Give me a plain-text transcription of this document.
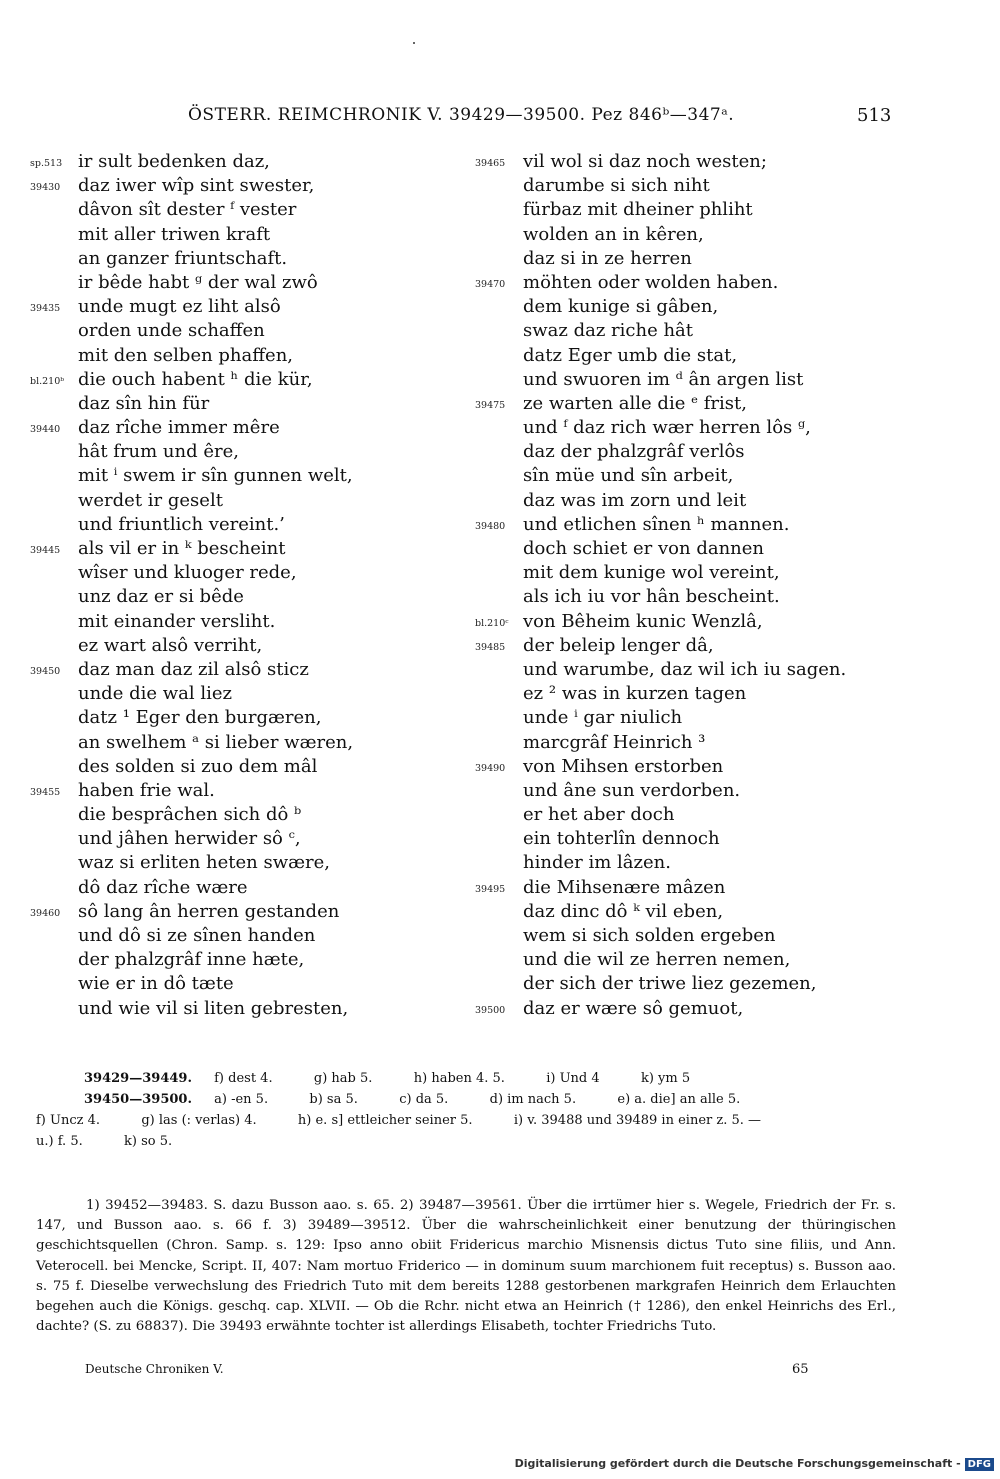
ÖSTERR. REIMCHRONIK V. 39429—39500. Pez 846ᵇ—347ᵃ.	513
sp.513 ir sult bedenken daz,
39430 daz iwer wîp sint swester,
dâvon sît dester ᶠ vester
mit aller triwen kraft
an ganzer friuntschaft.
ir bêde habt ᵍ der wal zwô
39435 unde mugt ez liht alsô
orden unde schaffen
mit den selben phaffen,
bl.210ᵇ die ouch habent ʰ die kür,
daz sîn hin für
39440 daz rîche immer mêre
hât frum und êre,
mit ⁱ swem ir sîn gunnen welt,
werdet ir geselt
und friuntlich vereint.’
39445 als vil er in ᵏ bescheint
wîser und kluoger rede,
unz daz er si bêde
mit einander versliht.
ez wart alsô verriht,
39450 daz man daz zil alsô sticz
unde die wal liez
datz ¹ Eger den burgæren,
an swelhem ᵃ si lieber wæren,
des solden si zuo dem mâl
39455 haben frie wal.
die besprâchen sich dô ᵇ
und jâhen herwider sô ᶜ,
waz si erliten heten swære,
dô daz rîche wære
39460 sô lang ân herren gestanden
und dô si ze sînen handen
der phalzgrâf inne hæte,
wie er in dô tæte
und wie vil si liten gebresten,
39465 vil wol si daz noch westen;
darumbe si sich niht
fürbaz mit dheiner phliht
wolden an in kêren,
daz si in ze herren
39470 möhten oder wolden haben.
dem kunige si gâben,
swaz daz riche hât
datz Eger umb die stat,
und swuoren im ᵈ ân argen list
39475 ze warten alle die ᵉ frist,
und ᶠ daz rich wær herren lôs ᵍ,
daz der phalzgrâf verlôs
sîn müe und sîn arbeit,
daz was im zorn und leit
39480 und etlichen sînen ʰ mannen.
doch schiet er von dannen
mit dem kunige wol vereint,
als ich iu vor hân bescheint.
bl.210ᶜ von Bêheim kunic Wenzlâ,
39485 der beleip lenger dâ,
und warumbe, daz wil ich iu sagen.
ez ² was in kurzen tagen
unde ⁱ gar niulich
marcgrâf Heinrich ³
39490 von Mihsen erstorben
und âne sun verdorben.
er het aber doch
ein tohterlîn dennoch
hinder im lâzen.
39495 die Mihsenære mâzen
daz dinc dô ᵏ vil eben,
wem si sich solden ergeben
und die wil ze herren nemen,
der sich der triwe liez gezemen,
39500 daz er wære sô gemuot,
39429—39449. f) dest 4.          g) hab 5.          h) haben 4. 5.          i) Und 4          k) ym 5
39450—39500. a) -en 5.          b) sa 5.          c) da 5.          d) im nach 5.          e) a. die] an alle 5.
f) Uncz 4.          g) las (: verlas) 4.          h) e. s] ettleicher seiner 5.          i) v. 39488 und 39489 in einer z. 5. —
u.) f. 5.          k) so 5.

1) 39452—39483. S. dazu Busson aao. s. 65. 2) 39487—39561. Über die irrtümer hier s. Wegele, Friedrich der Fr. s. 147, und Busson aao. s. 66 f. 3) 39489—39512. Über die wahrscheinlichkeit einer benutzung der thüringischen geschichtsquellen (Chron. Samp. s. 129: Ipso anno obiit Fridericus marchio Misnensis dictus Tuto sine filiis, und Ann. Veterocell. bei Mencke, Script. II, 407: Nam mortuo Friderico — in dominum suum marchionem fuit receptus) s. Busson aao. s. 75 f. Dieselbe verwechslung des Friedrich Tuto mit dem bereits 1288 gestorbenen markgrafen Heinrich dem Erlauchten begehen auch die Königs. geschq. cap. XLVII. — Ob die Rchr. nicht etwa an Heinrich († 1286), den enkel Heinrichs des Erl., dachte? (S. zu 68837). Die 39493 erwähnte tochter ist allerdings Elisabeth, tochter Friedrichs Tuto.

Deutsche Chroniken V.	65
Digitalisierung gefördert durch die Deutsche Forschungsgemeinschaft - DFG
